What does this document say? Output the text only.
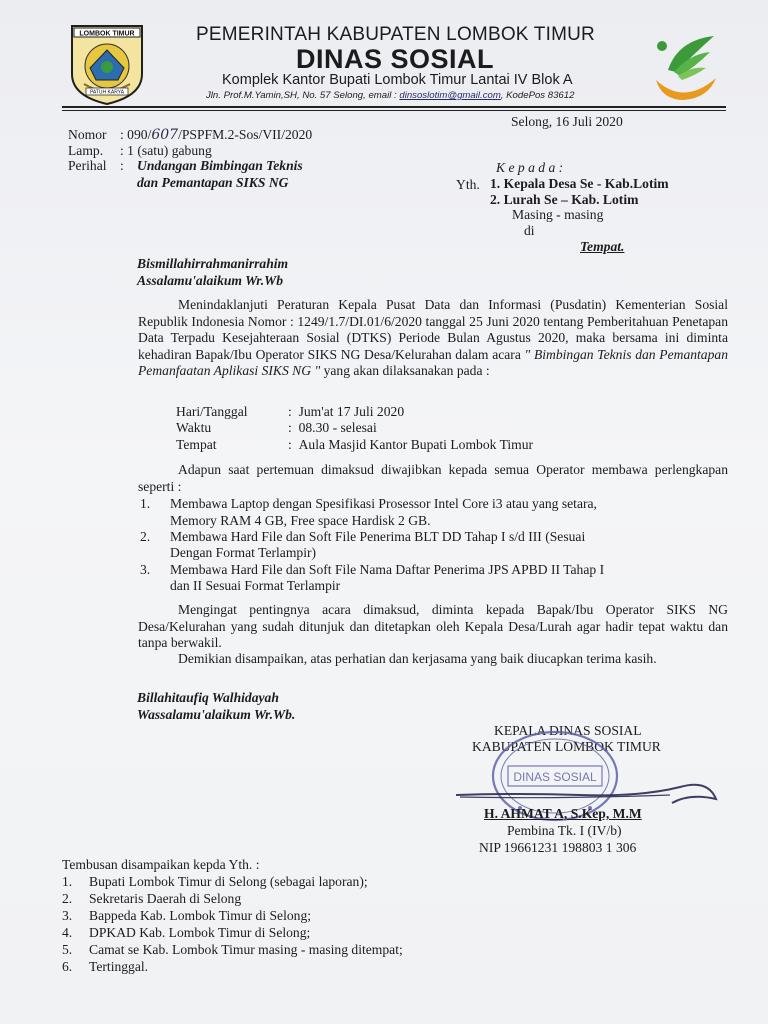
LOMBOK TIMUR
PATUH KARYA
PEMERINTAH KABUPATEN LOMBOK TIMUR
DINAS SOSIAL
Komplek Kantor Bupati Lombok Timur Lantai IV Blok A
Jln. Prof.M.Yamin,SH, No. 57 Selong, email : dinsoslotim@gmail.com, KodePos 83612
Selong, 16 Juli 2020
Nomor : 090/607/PSPFM.2-Sos/VII/2020
Lamp. : 1 (satu) gabung
Perihal : Undangan Bimbingan Teknis
dan Pemantapan SIKS NG
K e p a d a :
Yth. 1. Kepala Desa Se - Kab.Lotim
2. Lurah Se – Kab. Lotim
Masing - masing
di
Tempat.
Bismillahirrahmanirrahim
Assalamu'alaikum Wr.Wb
Menindaklanjuti Peraturan Kepala Pusat Data dan Informasi (Pusdatin) Kementerian Sosial Republik Indonesia Nomor : 1249/1.7/DI.01/6/2020 tanggal 25 Juni 2020 tentang Pemberitahuan Penetapan Data Terpadu Kesejahteraan Sosial (DTKS) Periode Bulan Agustus 2020, maka bersama ini diminta kehadiran Bapak/Ibu Operator SIKS NG Desa/Kelurahan dalam acara " Bimbingan Teknis dan Pemantapan Pemanfaatan Aplikasi SIKS NG " yang akan dilaksanakan pada :
Hari/Tanggal	:  Jum'at 17 Juli 2020
Waktu	:  08.30 - selesai
Tempat	:  Aula Masjid Kantor Bupati Lombok Timur
Adapun saat pertemuan dimaksud diwajibkan kepada semua Operator membawa perlengkapan seperti :
1. Membawa Laptop dengan Spesifikasi Prosessor Intel Core i3 atau yang setara,
Memory RAM 4 GB, Free space Hardisk 2 GB.
2. Membawa Hard File dan Soft File Penerima BLT DD Tahap I s/d III (Sesuai
Dengan Format Terlampir)
3. Membawa Hard File dan Soft File Nama Daftar Penerima JPS APBD II Tahap I
dan II Sesuai Format Terlampir
Mengingat pentingnya acara dimaksud, diminta kepada Bapak/Ibu Operator SIKS NG Desa/Kelurahan yang sudah ditunjuk dan ditetapkan oleh Kepala Desa/Lurah agar hadir tepat waktu dan tanpa berwakil.
Demikian disampaikan, atas perhatian dan kerjasama yang baik diucapkan terima kasih.
Billahitaufiq Walhidayah
Wassalamu'alaikum Wr.Wb.
KEPALA DINAS SOSIAL
KABUPATEN LOMBOK TIMUR
DINAS SOSIAL
H. AHMAT A, S.Kep, M.M
Pembina Tk. I (IV/b)
NIP 19661231 198803 1 306
Tembusan disampaikan kepda Yth. :
1. Bupati Lombok Timur di Selong (sebagai laporan);
2. Sekretaris Daerah di Selong
3. Bappeda Kab. Lombok Timur di Selong;
4. DPKAD Kab. Lombok Timur di Selong;
5. Camat se Kab. Lombok Timur masing - masing ditempat;
6. Tertinggal.
